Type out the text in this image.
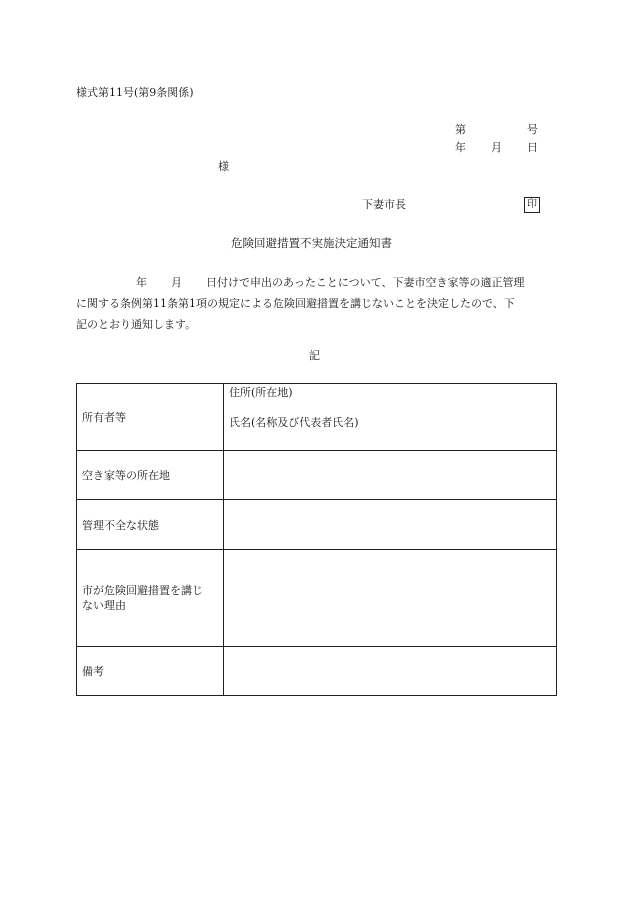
様式第11号(第9条関係)
第	号
年 月 日
様
下妻市長	印
危険回避措置不実施決定通知書
年 月 日付けで申出のあったことについて、下妻市空き家等の適正管理
に関する条例第11条第1項の規定による危険回避措置を講じないことを決定したので、下
記のとおり通知します。
記
所有者等	住所(所在地)
氏名(名称及び代表者氏名)

空き家等の所在地	
管理不全な状態	

市が危険回避措置を講じ
ない理由	

備考	
